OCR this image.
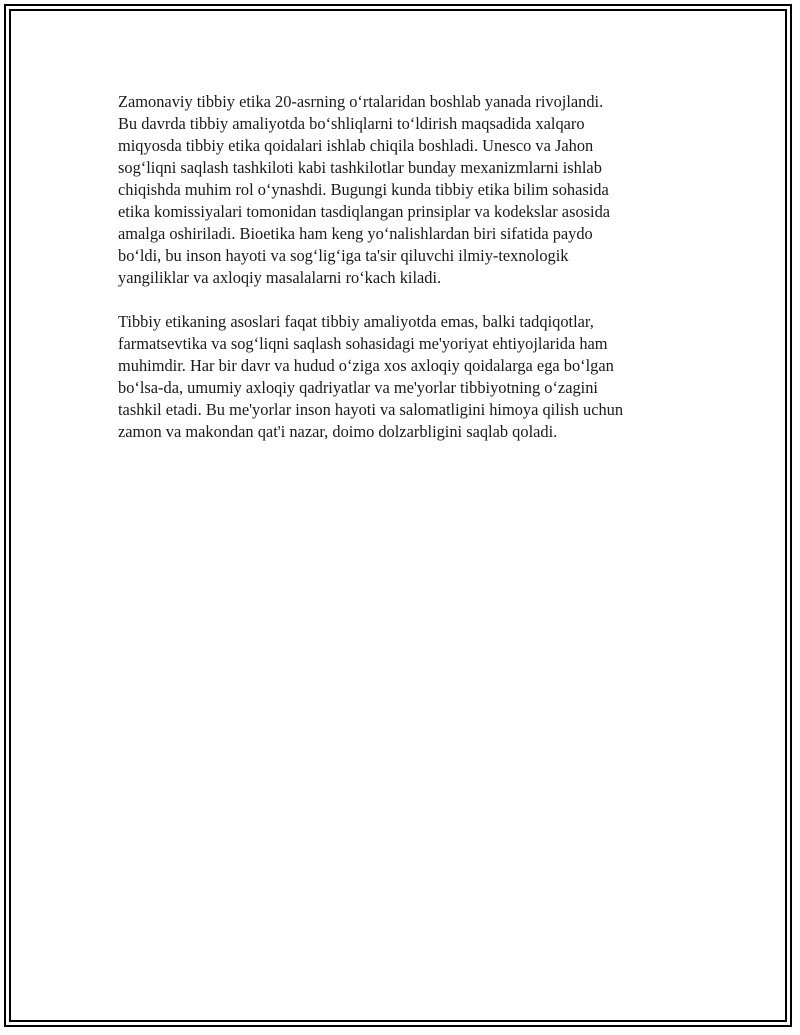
Zamonaviy tibbiy etika 20-asrning o‘rtalaridan boshlab yanada rivojlandi.
Bu davrda tibbiy amaliyotda bo‘shliqlarni to‘ldirish maqsadida xalqaro
miqyosda tibbiy etika qoidalari ishlab chiqila boshladi. Unesco va Jahon
sog‘liqni saqlash tashkiloti kabi tashkilotlar bunday mexanizmlarni ishlab
chiqishda muhim rol o‘ynashdi. Bugungi kunda tibbiy etika bilim sohasida
etika komissiyalari tomonidan tasdiqlangan prinsiplar va kodekslar asosida
amalga oshiriladi. Bioetika ham keng yo‘nalishlardan biri sifatida paydo
bo‘ldi, bu inson hayoti va sog‘lig‘iga ta'sir qiluvchi ilmiy-texnologik
yangiliklar va axloqiy masalalarni ro‘kach kiladi.

Tibbiy etikaning asoslari faqat tibbiy amaliyotda emas, balki tadqiqotlar,
farmatsevtika va sog‘liqni saqlash sohasidagi me'yoriyat ehtiyojlarida ham
muhimdir. Har bir davr va hudud o‘ziga xos axloqiy qoidalarga ega bo‘lgan
bo‘lsa-da, umumiy axloqiy qadriyatlar va me'yorlar tibbiyotning o‘zagini
tashkil etadi. Bu me'yorlar inson hayoti va salomatligini himoya qilish uchun
zamon va makondan qat'i nazar, doimo dolzarbligini saqlab qoladi.
